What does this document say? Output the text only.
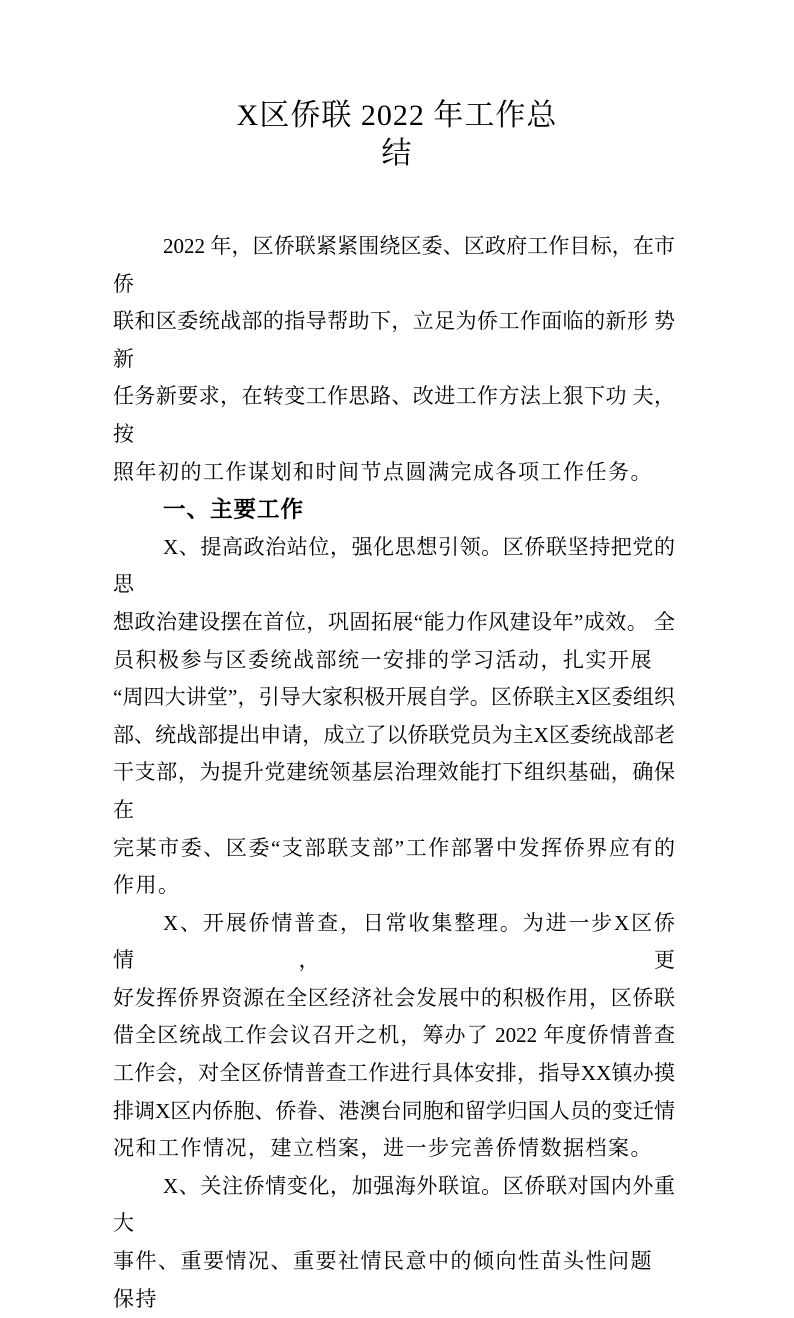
X区侨联 2022 年工作总
结
2022 年，区侨联紧紧围绕区委、区政府工作目标，在市侨
联和区委统战部的指导帮助下，立足为侨工作面临的新形 势新
任务新要求，在转变工作思路、改进工作方法上狠下功 夫，按
照年初的工作谋划和时间节点圆满完成各项工作任务。
一、主要工作
X、提高政治站位，强化思想引领。区侨联坚持把党的思
想政治建设摆在首位，巩固拓展“能力作风建设年”成效。 全
员积极参与区委统战部统一安排的学习活动，扎实开展
“周四大讲堂”，引导大家积极开展自学。区侨联主X区委组织
部、统战部提出申请，成立了以侨联党员为主X区委统战部老
干支部，为提升党建统领基层治理效能打下组织基础，确保在
完某市委、区委“支部联支部”工作部署中发挥侨界应有的
作用。
X、开展侨情普查，日常收集整理。为进一步X区侨情， 更
好发挥侨界资源在全区经济社会发展中的积极作用，区侨联
借全区统战工作会议召开之机，筹办了 2022 年度侨情普查
工作会，对全区侨情普查工作进行具体安排，指导XX镇办摸
排调X区内侨胞、侨眷、港澳台同胞和留学归国人员的变迁情
况和工作情况，建立档案，进一步完善侨情数据档案。
X、关注侨情变化，加强海外联谊。区侨联对国内外重大
事件、重要情况、重要社情民意中的倾向性苗头性问题保持
